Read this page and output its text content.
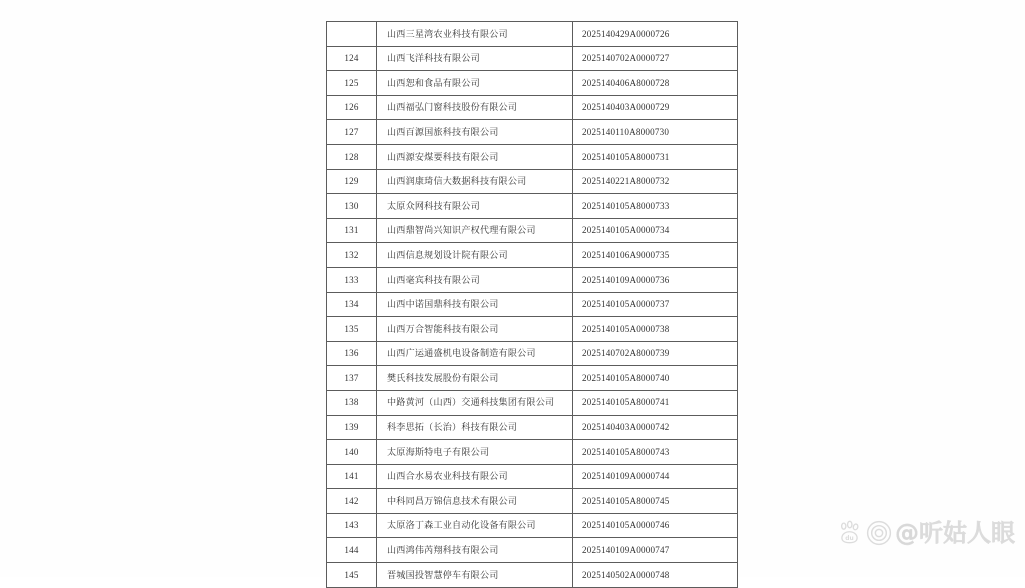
	山西三星湾农业科技有限公司	2025140429A0000726
124	山西飞洋科技有限公司	2025140702A0000727
125	山西恕和食品有限公司	2025140406A8000728
126	山西福弘门窗科技股份有限公司	2025140403A0000729
127	山西百源国旅科技有限公司	2025140110A8000730
128	山西源安煤要科技有限公司	2025140105A8000731
129	山西润康琦信大数据科技有限公司	2025140221A8000732
130	太原众网科技有限公司	2025140105A8000733
131	山西鼎智尚兴知识产权代理有限公司	2025140105A0000734
132	山西信息规划设计院有限公司	2025140106A9000735
133	山西毫宾科技有限公司	2025140109A0000736
134	山西中诺国鼎科技有限公司	2025140105A0000737
135	山西万合智能科技有限公司	2025140105A0000738
136	山西广运通盛机电设备制造有限公司	2025140702A8000739
137	樊氏科技发展股份有限公司	2025140105A8000740
138	中路黄河（山西）交通科技集团有限公司	2025140105A8000741
139	科李思拓（长治）科技有限公司	2025140403A0000742
140	太原海斯特电子有限公司	2025140105A8000743
141	山西合水易农业科技有限公司	2025140109A0000744
142	中科同昌万锦信息技术有限公司	2025140105A8000745
143	太原洛丁森工业自动化设备有限公司	2025140105A0000746
144	山西鸿伟芮翔科技有限公司	2025140109A0000747
145	晋城国投智慧停车有限公司	2025140502A0000748
du @听姑人眼
